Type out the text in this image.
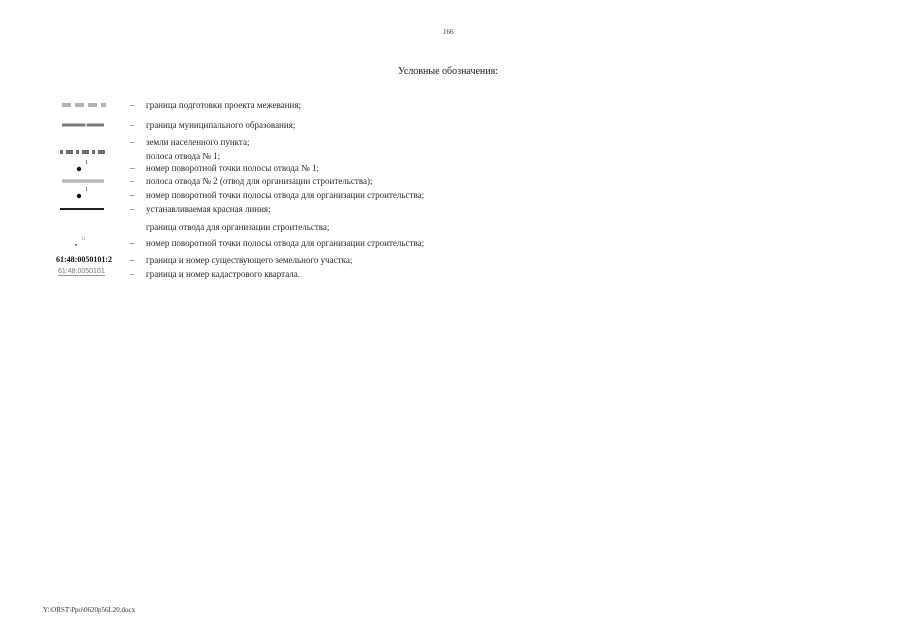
166
Условные обозначения:
– граница подготовки проекта межевания;
– граница муниципального образования;
– земли населенного пункта;
полоса отвода № 1;
1	– номер поворотной точки полосы отвода № 1;
– полоса отвода № 2 (отвод для организации строительства);
1	– номер поворотной точки полосы отвода для организации строительства;
– устанавливаемая красная линия;
граница отвода для организации строительства;
31	– номер поворотной точки полосы отвода для организации строительства;
61:48:0050101:2 – граница и номер существующего земельного участка;
61:48:0050101	– граница и номер кадастрового квартала.
Y:\ORST\Ppo\0620p56L20.docx
